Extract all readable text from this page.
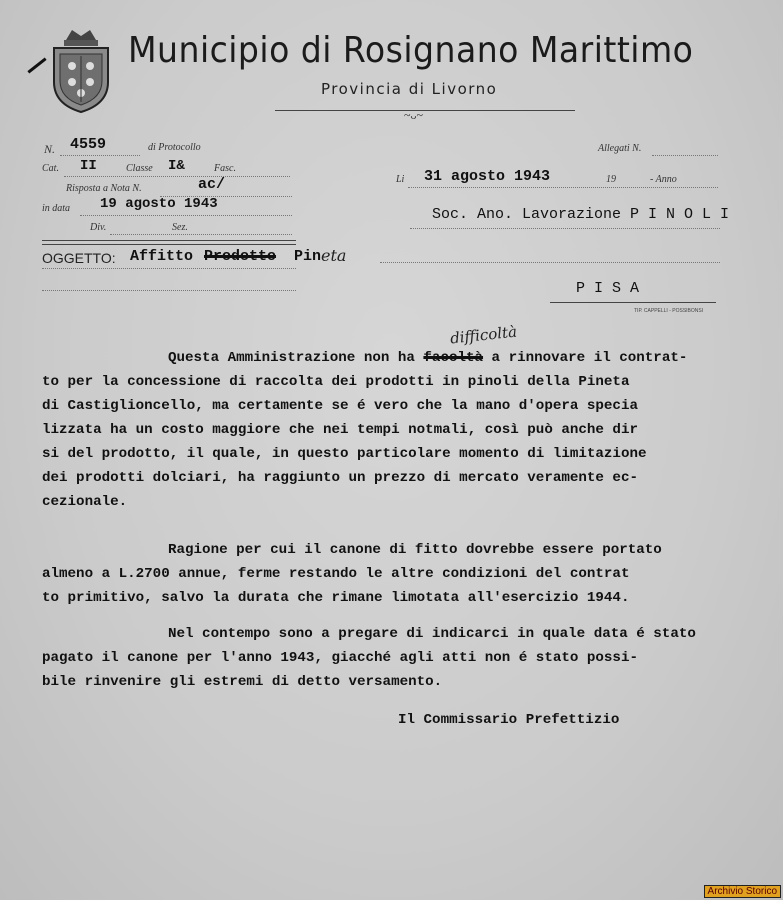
Municipio di Rosignano Marittimo
Provincia di Livorno
~ᴗ~
N. 4559	di Protocollo
Cat. II	Classe I&	Fasc.
Risposta a Nota N.	ac/
in data 19 agosto 1943
Div.	Sez.
Allegati N.
Li 31 agosto 1943	19	- Anno
Soc. Ano. Lavorazione P I N O L I
OGGETTO: Affitto Prodotto Pin eta
P I S A
TIP. CAPPELLI - POSSIBONSI
difficoltà
Questa Amministrazione non ha facoltà a rinnovare il contrat-
to per la concessione di raccolta dei prodotti in pinoli della Pineta
di Castiglioncello, ma certamente se é vero che la mano d'opera specia
lizzata ha un costo maggiore che nei tempi notmali, così può anche dir
si del prodotto, il quale, in questo particolare momento di limitazione
dei prodotti dolciari, ha raggiunto un prezzo di mercato veramente ec-
cezionale.
Ragione per cui il canone di fitto dovrebbe essere portato
almeno a L.2700 annue, ferme restando le altre condizioni del contrat
to primitivo, salvo la durata che rimane limotata all'esercizio 1944.
Nel contempo sono a pregare di indicarci in quale data é stato
pagato il canone per l'anno 1943, giacché agli atti non é stato possi-
bile rinvenire gli estremi di detto versamento.
Il Commissario Prefettizio
Archivio Storico
